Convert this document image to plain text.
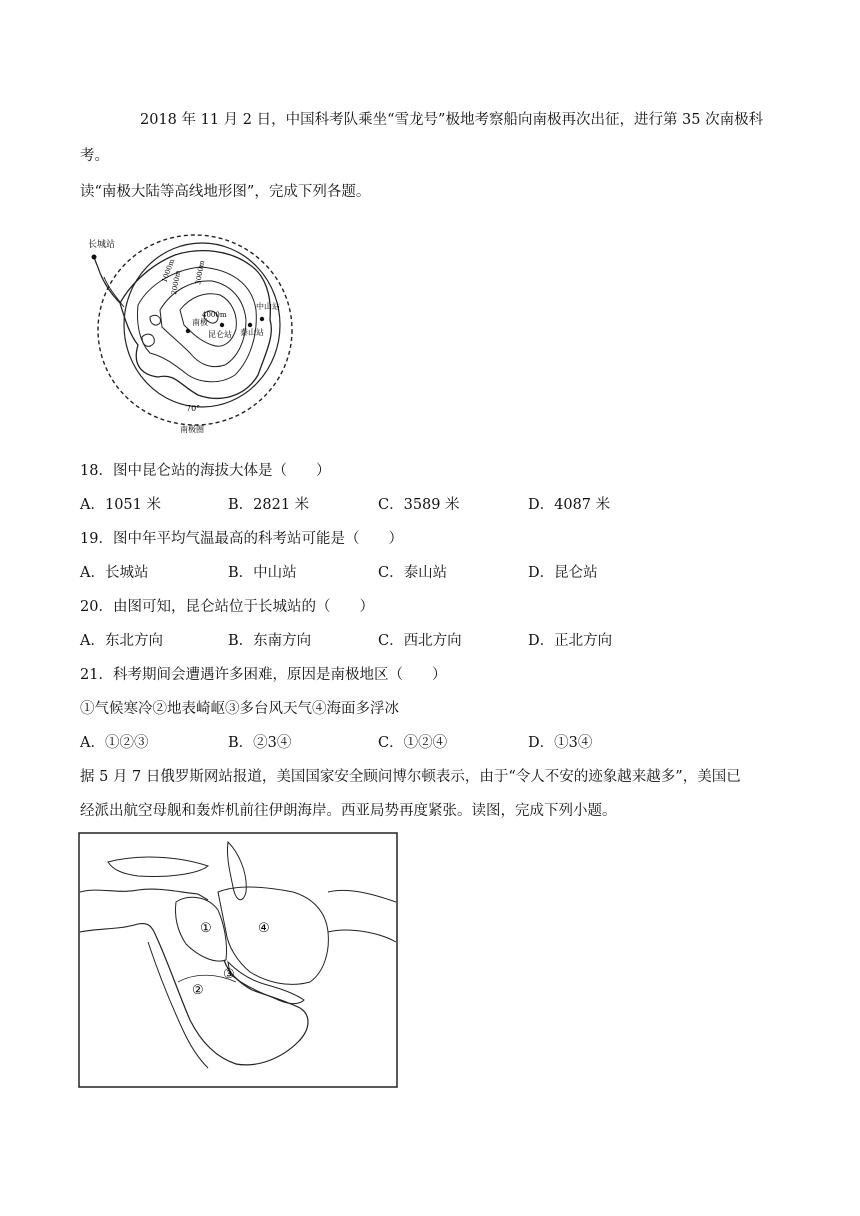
2018 年 11 月 2 日，中国科考队乘坐“雪龙号”极地考察船向南极再次出征，进行第 35 次南极科
考。
读“南极大陆等高线地形图”，完成下列各题。
长城站
中山站
南极
昆仑站 泰山站
4000m
3000m
2000m
1000m
70°
南极圈
18．图中昆仑站的海拔大体是（　　）
A．1051 米	B．2821 米	C．3589 米	D．4087 米
19．图中年平均气温最高的科考站可能是（　　）
A．长城站	B．中山站	C．泰山站	D．昆仑站
20．由图可知，昆仑站位于长城站的（　　）
A．东北方向	B．东南方向	C．西北方向	D．正北方向
21．科考期间会遭遇许多困难，原因是南极地区（　　）
①气候寒冷②地表崎岖③多台风天气④海面多浮冰
A．①②③	B．②3④	C．①②④	D．①3④
据 5 月 7 日俄罗斯网站报道，美国国家安全顾问博尔顿表示，由于“令人不安的迹象越来越多”，美国已
经派出航空母舰和轰炸机前往伊朗海岸。西亚局势再度紧张。读图，完成下列小题。
①
②
③
④
